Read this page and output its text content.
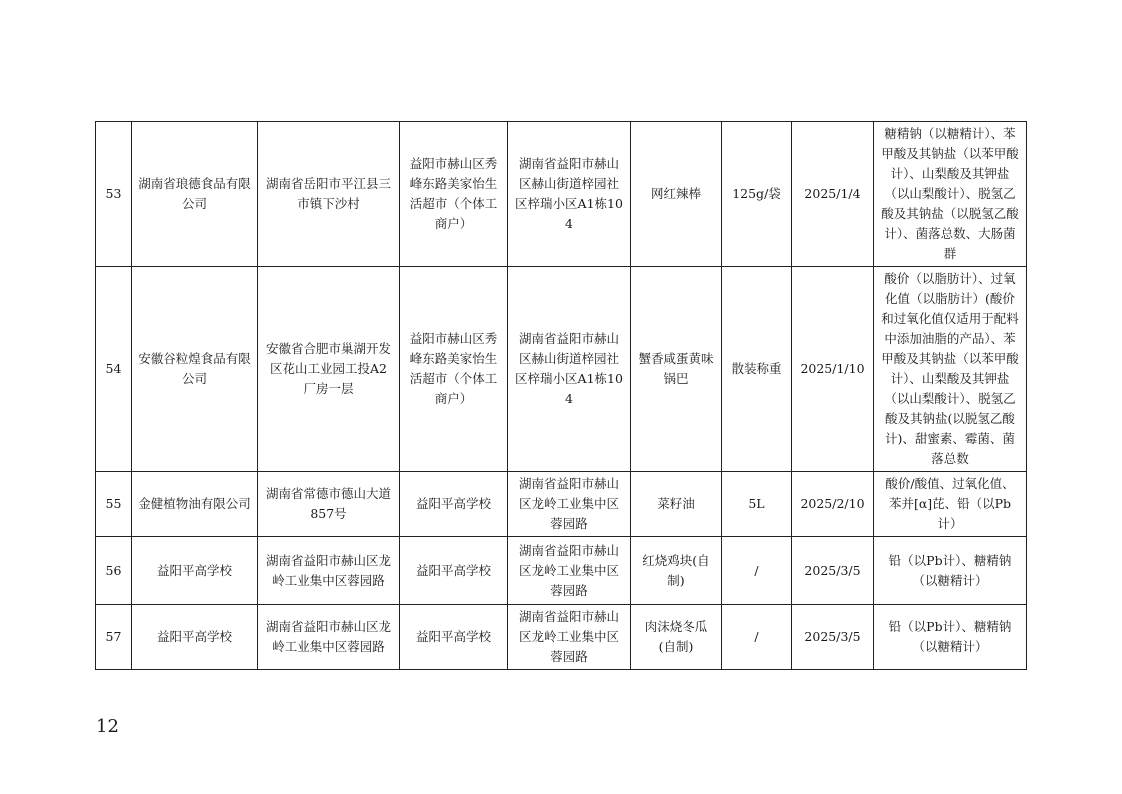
53	湖南省琅德食品有限公司	湖南省岳阳市平江县三市镇下沙村	益阳市赫山区秀峰东路美家怡生活超市（个体工商户）	湖南省益阳市赫山区赫山街道梓园社区梓瑞小区A1栋104	网红辣棒	125g/袋	2025/1/4	糖精钠（以糖精计）、苯甲酸及其钠盐（以苯甲酸计）、山梨酸及其钾盐（以山梨酸计）、脱氢乙酸及其钠盐（以脱氢乙酸计）、菌落总数、大肠菌群
54	安徽谷粒煌食品有限公司	安徽省合肥市巢湖开发区花山工业园工投A2厂房一层	益阳市赫山区秀峰东路美家怡生活超市（个体工商户）	湖南省益阳市赫山区赫山街道梓园社区梓瑞小区A1栋104	蟹香咸蛋黄味锅巴	散装称重	2025/1/10	酸价（以脂肪计）、过氧化值（以脂肪计）(酸价和过氧化值仅适用于配料中添加油脂的产品）、苯甲酸及其钠盐（以苯甲酸计）、山梨酸及其钾盐（以山梨酸计）、脱氢乙酸及其钠盐(以脱氢乙酸计)、甜蜜素、霉菌、菌落总数
55	金健植物油有限公司	湖南省常德市德山大道857号	益阳平高学校	湖南省益阳市赫山区龙岭工业集中区蓉园路	菜籽油	5L	2025/2/10	酸价/酸值、过氧化值、苯并[α]芘、铅（以Pb计）
56	益阳平高学校	湖南省益阳市赫山区龙岭工业集中区蓉园路	益阳平高学校	湖南省益阳市赫山区龙岭工业集中区蓉园路	红烧鸡块(自制)	/	2025/3/5	铅（以Pb计）、糖精钠（以糖精计）
57	益阳平高学校	湖南省益阳市赫山区龙岭工业集中区蓉园路	益阳平高学校	湖南省益阳市赫山区龙岭工业集中区蓉园路	肉沫烧冬瓜(自制)	/	2025/3/5	铅（以Pb计）、糖精钠（以糖精计）
12
